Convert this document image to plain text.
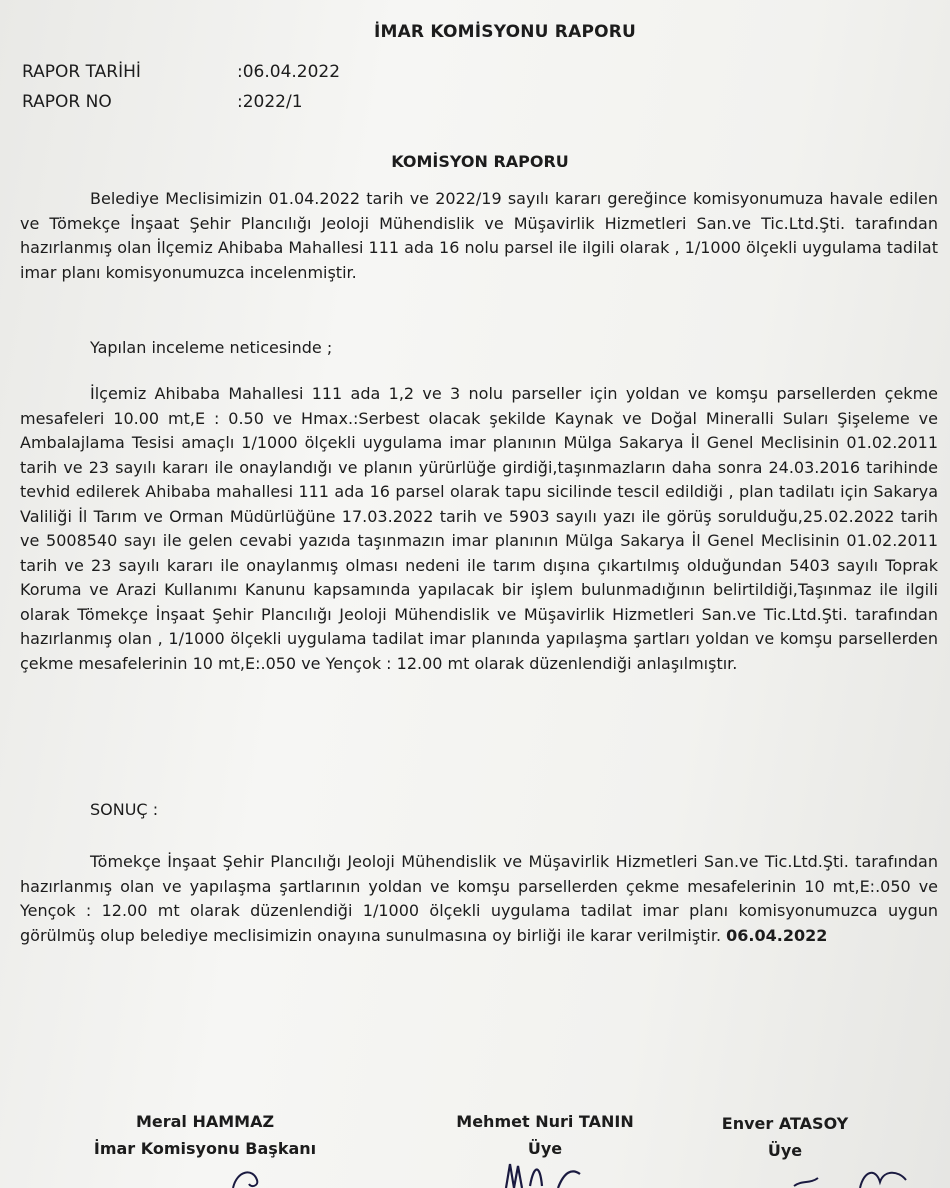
İMAR KOMİSYONU RAPORU
RAPOR TARİHİ	:06.04.2022
RAPOR NO	:2022/1
KOMİSYON RAPORU
Belediye Meclisimizin 01.04.2022 tarih ve 2022/19 sayılı kararı gereğince komisyonumuza havale edilen ve Tömekçe İnşaat Şehir Plancılığı Jeoloji Mühendislik ve Müşavirlik Hizmetleri San.ve Tic.Ltd.Şti. tarafından hazırlanmış olan İlçemiz Ahibaba Mahallesi 111 ada 16 nolu parsel ile ilgili olarak , 1/1000 ölçekli uygulama tadilat imar planı komisyonumuzca incelenmiştir.
Yapılan inceleme neticesinde ;
İlçemiz Ahibaba Mahallesi 111 ada 1,2 ve 3 nolu parseller için yoldan ve komşu parsellerden çekme mesafeleri 10.00 mt,E : 0.50 ve Hmax.:Serbest olacak şekilde Kaynak ve Doğal Mineralli Suları Şişeleme ve Ambalajlama Tesisi amaçlı 1/1000 ölçekli uygulama imar planının Mülga Sakarya İl Genel Meclisinin 01.02.2011 tarih ve 23 sayılı kararı ile onaylandığı ve planın yürürlüğe girdiği,taşınmazların daha sonra 24.03.2016 tarihinde tevhid edilerek Ahibaba mahallesi 111 ada 16 parsel olarak tapu sicilinde tescil edildiği , plan tadilatı için Sakarya Valiliği İl Tarım ve Orman Müdürlüğüne 17.03.2022 tarih ve 5903 sayılı yazı ile görüş sorulduğu,25.02.2022 tarih ve 5008540 sayı ile gelen cevabi yazıda taşınmazın imar planının Mülga Sakarya İl Genel Meclisinin 01.02.2011 tarih ve 23 sayılı kararı ile onaylanmış olması nedeni ile tarım dışına çıkartılmış olduğundan 5403 sayılı Toprak Koruma ve Arazi Kullanımı Kanunu kapsamında yapılacak bir işlem bulunmadığının belirtildiği,Taşınmaz ile ilgili olarak Tömekçe İnşaat Şehir Plancılığı Jeoloji Mühendislik ve Müşavirlik Hizmetleri San.ve Tic.Ltd.Şti. tarafından hazırlanmış olan , 1/1000 ölçekli uygulama tadilat imar planında yapılaşma şartları yoldan ve komşu parsellerden çekme mesafelerinin 10 mt,E:.050 ve Yençok : 12.00 mt olarak düzenlendiği anlaşılmıştır.
SONUÇ :
Tömekçe İnşaat Şehir Plancılığı Jeoloji Mühendislik ve Müşavirlik Hizmetleri San.ve Tic.Ltd.Şti. tarafından hazırlanmış olan ve yapılaşma şartlarının yoldan ve komşu parsellerden çekme mesafelerinin 10 mt,E:.050 ve Yençok : 12.00 mt olarak düzenlendiği 1/1000 ölçekli uygulama tadilat imar planı komisyonumuzca uygun görülmüş olup belediye meclisimizin onayına sunulmasına oy birliği ile karar verilmiştir. 06.04.2022
Meral HAMMAZ
İmar Komisyonu Başkanı
Mehmet Nuri TANIN
Üye
Enver ATASOY
Üye
